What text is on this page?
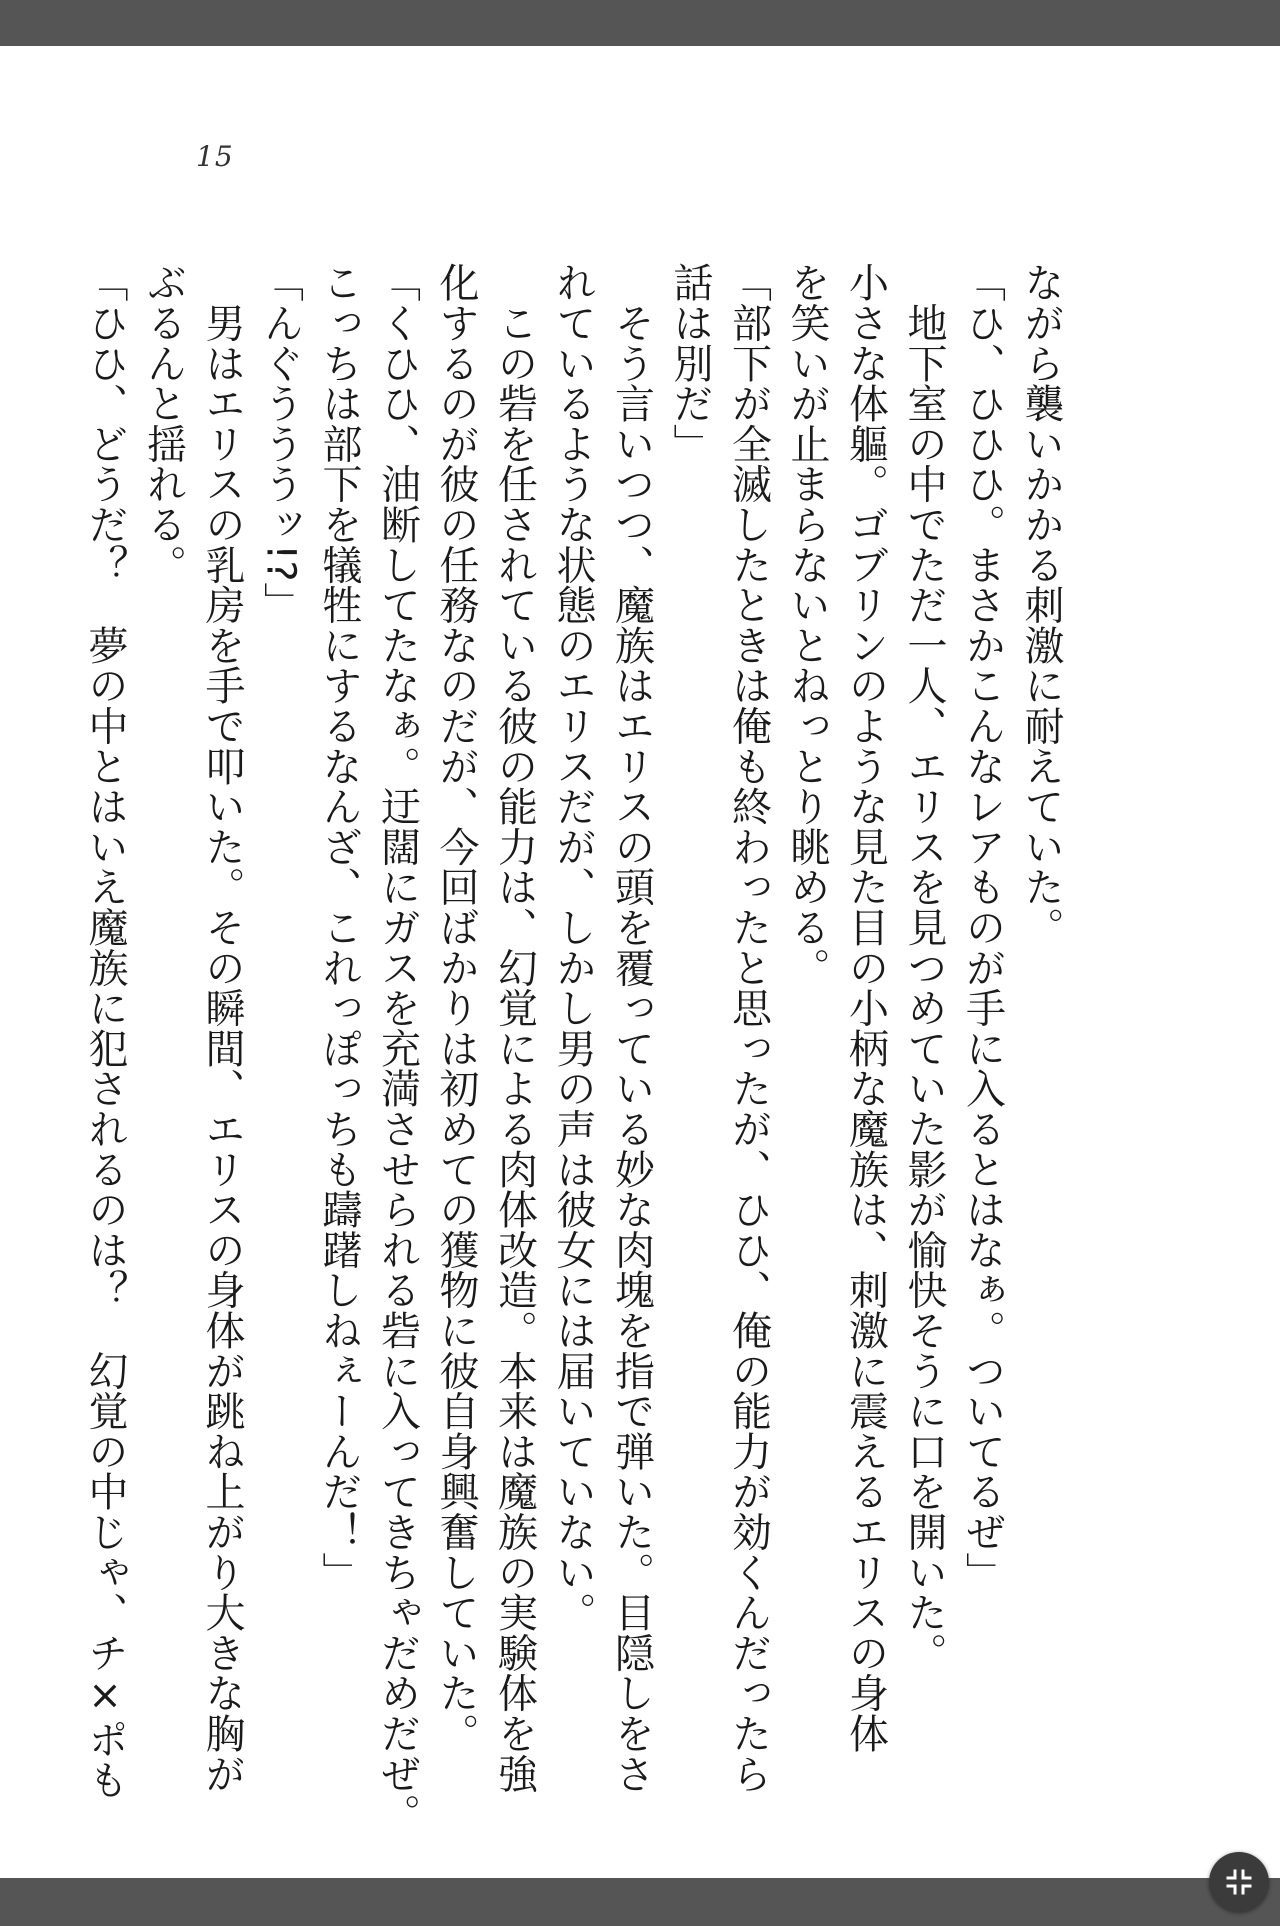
15
ながら襲いかかる刺激に耐えていた。
「ひ、ひひひ。まさかこんなレアものが手に入るとはなぁ。ついてるぜ」
　地下室の中でただ一人、エリスを見つめていた影が愉快そうに口を開いた。
小さな体軀。ゴブリンのような見た目の小柄な魔族は、刺激に震えるエリスの身体
を笑いが止まらないとねっとり眺める。
「部下が全滅したときは俺も終わったと思ったが、ひひ、俺の能力が効くんだったら
話は別だ」
　そう言いつつ、魔族はエリスの頭を覆っている妙な肉塊を指で弾いた。目隠しをさ
れているような状態のエリスだが、しかし男の声は彼女には届いていない。
　この砦を任されている彼の能力は、幻覚による肉体改造。本来は魔族の実験体を強
化するのが彼の任務なのだが、今回ばかりは初めての獲物に彼自身興奮していた。
「くひひ、油断してたなぁ。迂闊にガスを充満させられる砦に入ってきちゃだめだぜ。
こっちは部下を犠牲にするなんざ、これっぽっちも躊躇しねぇーんだ！」
「んぐうううッ!?」
　男はエリスの乳房を手で叩いた。その瞬間、エリスの身体が跳ね上がり大きな胸が
ぶるんと揺れる。
「ひひ、どうだ？　夢の中とはいえ魔族に犯されるのは？　幻覚の中じゃ、チ×ポも
